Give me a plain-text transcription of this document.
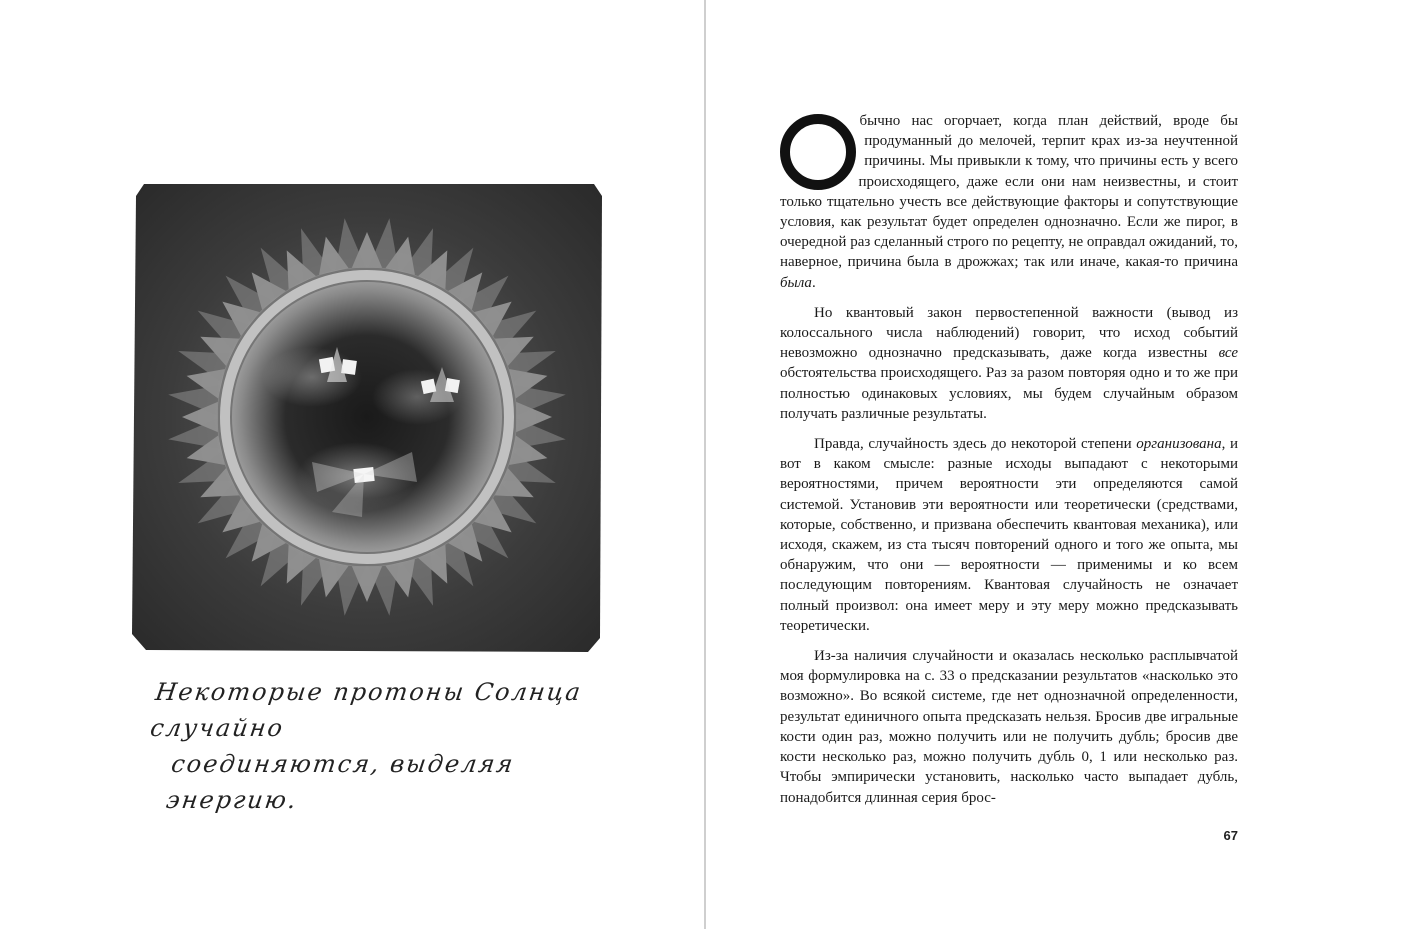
Некоторые протоны Солнца случайно
соединяются, выделяя энергию.

бычно нас огорчает, когда план действий, вроде бы продуманный до мелочей, терпит крах из-за неучтенной причины. Мы привыкли к тому, что причины есть у всего происходящего, даже если они нам неизвестны, и стоит только тщательно учесть все действующие факторы и сопутствующие условия, как результат будет определен однозначно. Если же пирог, в очередной раз сделанный строго по рецепту, не оправдал ожиданий, то, наверное, причина была в дрожжах; так или иначе, какая-то причина была.

Но квантовый закон первостепенной важности (вывод из колоссального числа наблюдений) говорит, что исход событий невозможно однозначно предсказывать, даже когда известны все обстоятельства происходящего. Раз за разом повторяя одно и то же при полностью одинаковых условиях, мы будем случайным образом получать различные результаты.

Правда, случайность здесь до некоторой степени организована, и вот в каком смысле: разные исходы выпадают с некоторыми вероятностями, причем вероятности эти определяются самой системой. Установив эти вероятности или теоретически (средствами, которые, собственно, и призвана обеспечить квантовая механика), или исходя, скажем, из ста тысяч повторений одного и того же опыта, мы обнаружим, что они — вероятности — применимы и ко всем последующим повторениям. Квантовая случайность не означает полный произвол: она имеет меру и эту меру можно предсказывать теоретически.

Из-за наличия случайности и оказалась несколько расплывчатой моя формулировка на с. 33 о предсказании результатов «насколько это возможно». Во всякой системе, где нет однозначной определенности, результат единичного опыта предсказать нельзя. Бросив две игральные кости один раз, можно получить или не получить дубль; бросив две кости несколько раз, можно получить дубль 0, 1 или несколько раз. Чтобы эмпирически установить, насколько часто выпадает дубль, понадобится длинная серия брос-

67
